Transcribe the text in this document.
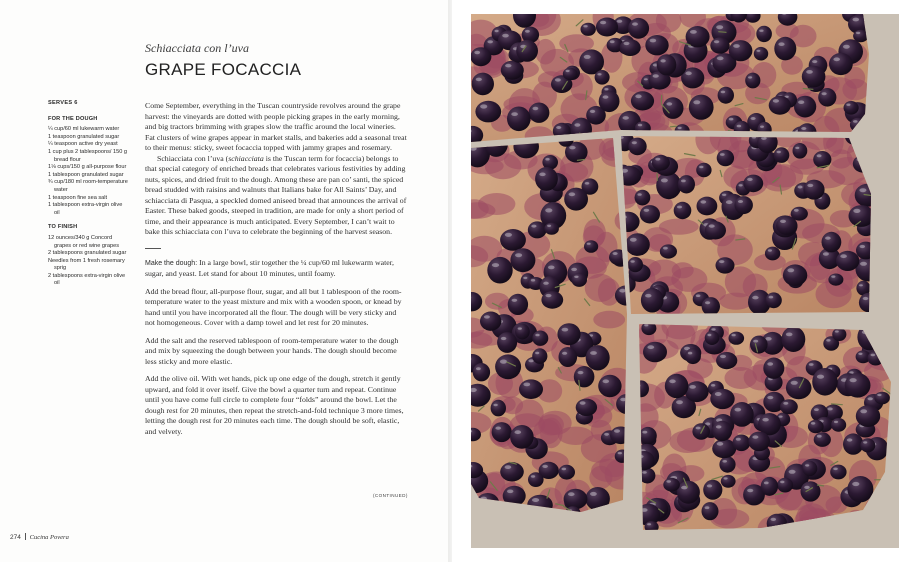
Schiacciata con l’uva
GRAPE FOCACCIA
SERVES 6
FOR THE DOUGH
¼ cup/60 ml lukewarm water
1 teaspoon granulated sugar
¼ teaspoon active dry yeast
1 cup plus 2 tablespoons/ 150 g bread flour
1⅛ cups/150 g all-purpose flour
1 tablespoon granulated sugar
¾ cup/180 ml room-temperature water
1 teaspoon fine sea salt
1 tablespoon extra-virgin olive oil
TO FINISH
12 ounces/340 g Concord grapes or red wine grapes
2 tablespoons granulated sugar
Needles from 1 fresh rosemary sprig
2 tablespoons extra-virgin olive oil

Come September, everything in the Tuscan countryside revolves around the grape harvest: the vineyards are dotted with people picking grapes in the early morning, and big tractors brimming with grapes slow the traffic around the local wineries. Fat clusters of wine grapes appear in market stalls, and bakeries add a seasonal treat to their menus: sticky, sweet focaccia topped with jammy grapes and rosemary.

Schiacciata con l’uva (schiacciata is the Tuscan term for focaccia) belongs to that special category of enriched breads that celebrates various festivities by adding nuts, spices, and dried fruit to the dough. Among these are pan co’ santi, the spiced bread studded with raisins and walnuts that Italians bake for All Saints’ Day, and schiacciata di Pasqua, a speckled domed aniseed bread that announces the arrival of Easter. These baked goods, steeped in tradition, are made for only a short period of time, and their appearance is much anticipated. Every September, I can’t wait to bake this schiacciata con l’uva to celebrate the beginning of the harvest season.

Make the dough: In a large bowl, stir together the ¼ cup/60 ml lukewarm water, sugar, and yeast. Let stand for about 10 minutes, until foamy.

Add the bread flour, all-purpose flour, sugar, and all but 1 tablespoon of the room-temperature water to the yeast mixture and mix with a wooden spoon, or knead by hand until you have incorporated all the flour. The dough will be very sticky and not homogeneous. Cover with a damp towel and let rest for 20 minutes.

Add the salt and the reserved tablespoon of room-temperature water to the dough and mix by squeezing the dough between your hands. The dough should become less sticky and more elastic.

Add the olive oil. With wet hands, pick up one edge of the dough, stretch it gently upward, and fold it over itself. Give the bowl a quarter turn and repeat. Continue until you have come full circle to complete four “folds” around the bowl. Let the dough rest for 20 minutes, then repeat the stretch-and-fold technique 3 more times, letting the dough rest for 20 minutes each time. The dough should be soft, elastic, and velvety.

(CONTINUED)
274 Cucina Povera
